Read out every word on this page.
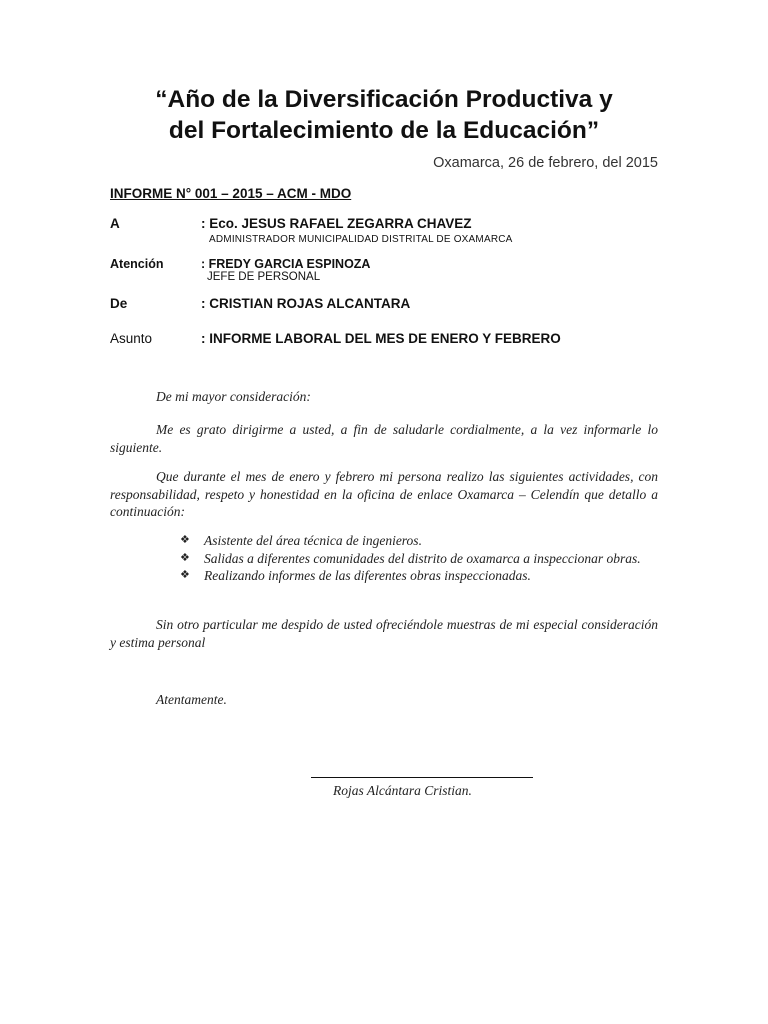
“Año de la Diversificación Productiva y
del Fortalecimiento de la Educación”
Oxamarca, 26 de febrero, del 2015
INFORME N° 001 – 2015 – ACM - MDO
A	: Eco. JESUS RAFAEL ZEGARRA CHAVEZ
ADMINISTRADOR MUNICIPALIDAD DISTRITAL DE OXAMARCA
Atención	: FREDY GARCIA ESPINOZA
JEFE DE PERSONAL
De	: CRISTIAN ROJAS ALCANTARA
Asunto	: INFORME LABORAL DEL MES DE ENERO Y FEBRERO
De mi mayor consideración:
Me es grato dirigirme a usted, a fin de saludarle cordialmente, a la vez informarle lo siguiente.
Que durante el mes de enero y febrero mi persona realizo las siguientes actividades, con responsabilidad, respeto y honestidad en la oficina de enlace Oxamarca – Celendín que detallo a continuación:
❖ Asistente del área técnica de ingenieros.
❖ Salidas a diferentes comunidades del distrito de oxamarca a inspeccionar obras.
❖ Realizando informes de las diferentes obras inspeccionadas.
Sin otro particular me despido de usted ofreciéndole muestras de mi especial consideración y estima personal
Atentamente.
Rojas Alcántara Cristian.
